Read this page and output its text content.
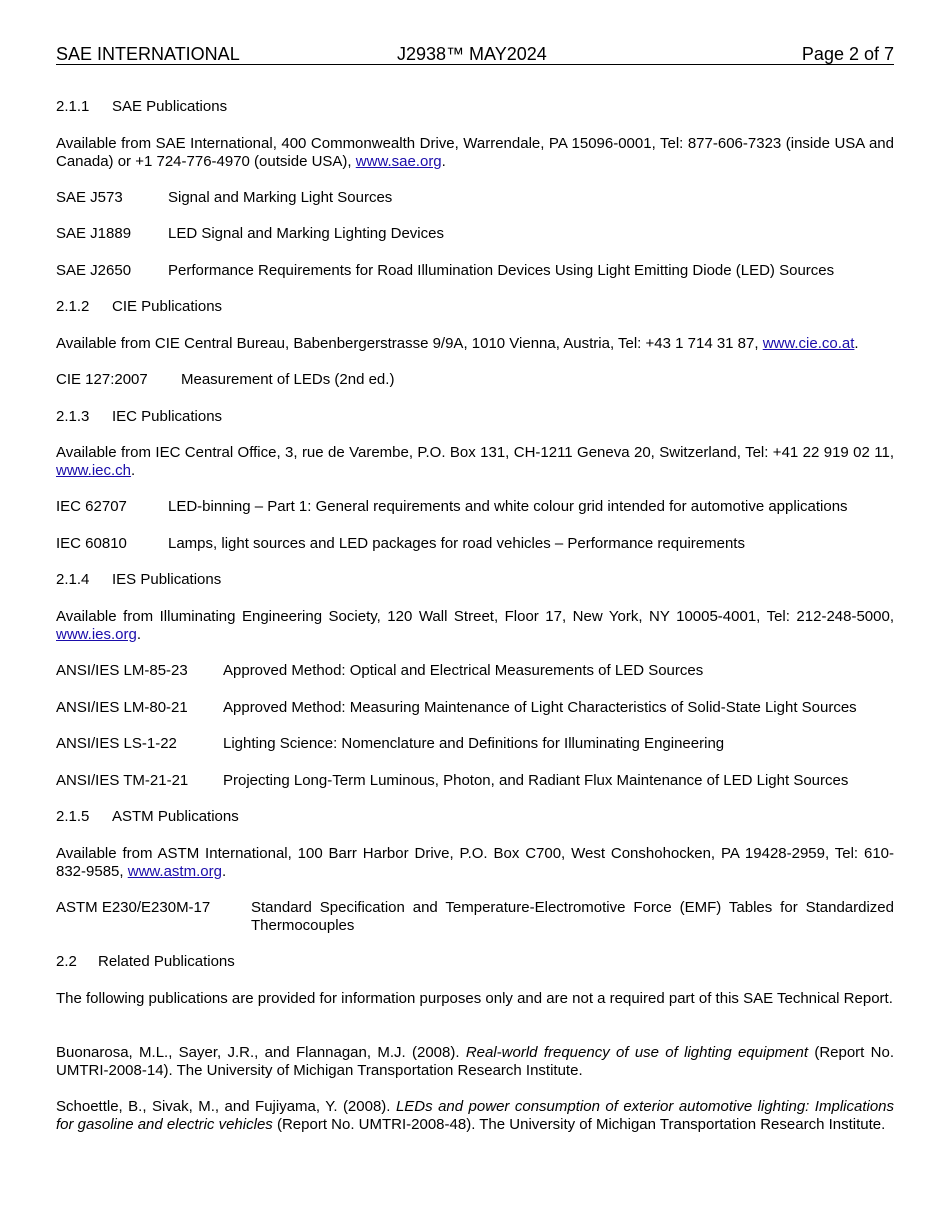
SAE INTERNATIONAL	J2938™ MAY2024	Page 2 of 7
2.1.1 SAE Publications
Available from SAE International, 400 Commonwealth Drive, Warrendale, PA 15096-0001, Tel: 877-606-7323 (inside USA and Canada) or +1 724-776-4970 (outside USA), www.sae.org.
SAE J573	Signal and Marking Light Sources
SAE J1889 LED Signal and Marking Lighting Devices
SAE J2650 Performance Requirements for Road Illumination Devices Using Light Emitting Diode (LED) Sources
2.1.2 CIE Publications
Available from CIE Central Bureau, Babenbergerstrasse 9/9A, 1010 Vienna, Austria, Tel: +43 1 714 31 87, www.cie.co.at.
CIE 127:2007 Measurement of LEDs (2nd ed.)
2.1.3 IEC Publications
Available from IEC Central Office, 3, rue de Varembe, P.O. Box 131, CH-1211 Geneva 20, Switzerland, Tel: +41 22 919 02 11, www.iec.ch.
IEC 62707	LED-binning – Part 1: General requirements and white colour grid intended for automotive applications
IEC 60810	Lamps, light sources and LED packages for road vehicles – Performance requirements
2.1.4 IES Publications
Available from Illuminating Engineering Society, 120 Wall Street, Floor 17, New York, NY 10005-4001, Tel: 212-248-5000, www.ies.org.
ANSI/IES LM-85-23 Approved Method: Optical and Electrical Measurements of LED Sources
ANSI/IES LM-80-21 Approved Method: Measuring Maintenance of Light Characteristics of Solid-State Light Sources
ANSI/IES LS-1-22	Lighting Science: Nomenclature and Definitions for Illuminating Engineering
ANSI/IES TM-21-21 Projecting Long-Term Luminous, Photon, and Radiant Flux Maintenance of LED Light Sources
2.1.5 ASTM Publications
Available from ASTM International, 100 Barr Harbor Drive, P.O. Box C700, West Conshohocken, PA 19428-2959, Tel: 610-832-9585, www.astm.org.
ASTM E230/E230M-17	Standard Specification and Temperature-Electromotive Force (EMF) Tables for Standardized Thermocouples
2.2 Related Publications
The following publications are provided for information purposes only and are not a required part of this SAE Technical Report.
Buonarosa, M.L., Sayer, J.R., and Flannagan, M.J. (2008). Real-world frequency of use of lighting equipment (Report No. UMTRI-2008-14). The University of Michigan Transportation Research Institute.
Schoettle, B., Sivak, M., and Fujiyama, Y. (2008). LEDs and power consumption of exterior automotive lighting: Implications for gasoline and electric vehicles (Report No. UMTRI-2008-48). The University of Michigan Transportation Research Institute.
